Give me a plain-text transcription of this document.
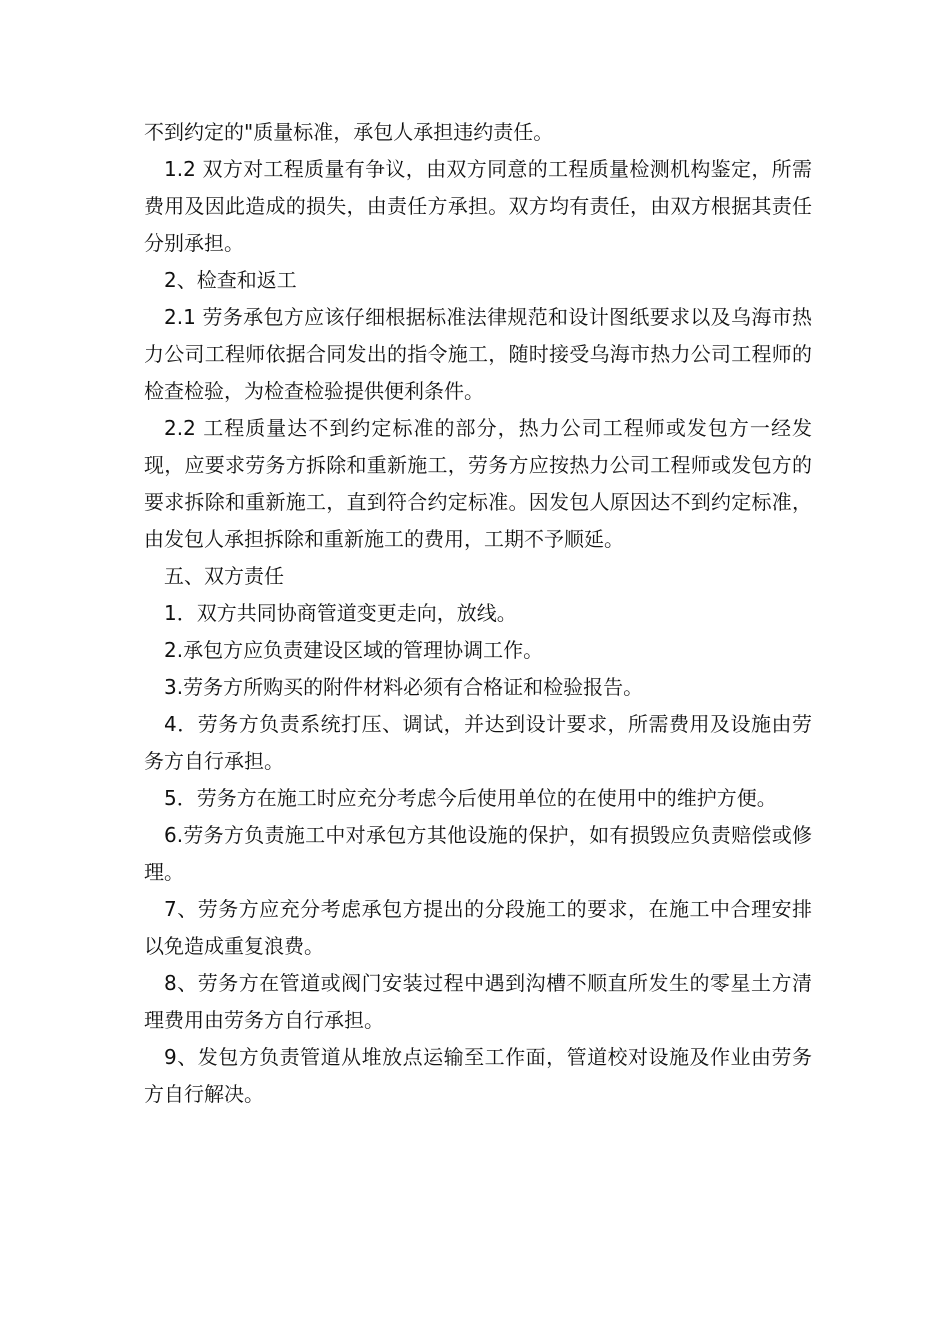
不到约定的"质量标准，承包人承担违约责任。

1.2 双方对工程质量有争议，由双方同意的工程质量检测机构鉴定，所需费用及因此造成的损失，由责任方承担。双方均有责任，由双方根据其责任分别承担。

2、检查和返工

2.1 劳务承包方应该仔细根据标准法律规范和设计图纸要求以及乌海市热力公司工程师依据合同发出的指令施工，随时接受乌海市热力公司工程师的检查检验，为检查检验提供便利条件。

2.2 工程质量达不到约定标准的部分，热力公司工程师或发包方一经发现，应要求劳务方拆除和重新施工，劳务方应按热力公司工程师或发包方的要求拆除和重新施工，直到符合约定标准。因发包人原因达不到约定标准，由发包人承担拆除和重新施工的费用，工期不予顺延。

五、双方责任

1．双方共同协商管道变更走向，放线。

2.承包方应负责建设区域的管理协调工作。

3.劳务方所购买的附件材料必须有合格证和检验报告。

4．劳务方负责系统打压、调试，并达到设计要求，所需费用及设施由劳务方自行承担。

5．劳务方在施工时应充分考虑今后使用单位的在使用中的维护方便。

6.劳务方负责施工中对承包方其他设施的保护，如有损毁应负责赔偿或修理。

7、劳务方应充分考虑承包方提出的分段施工的要求，在施工中合理安排以免造成重复浪费。

8、劳务方在管道或阀门安装过程中遇到沟槽不顺直所发生的零星土方清理费用由劳务方自行承担。

9、发包方负责管道从堆放点运输至工作面，管道校对设施及作业由劳务方自行解决。
